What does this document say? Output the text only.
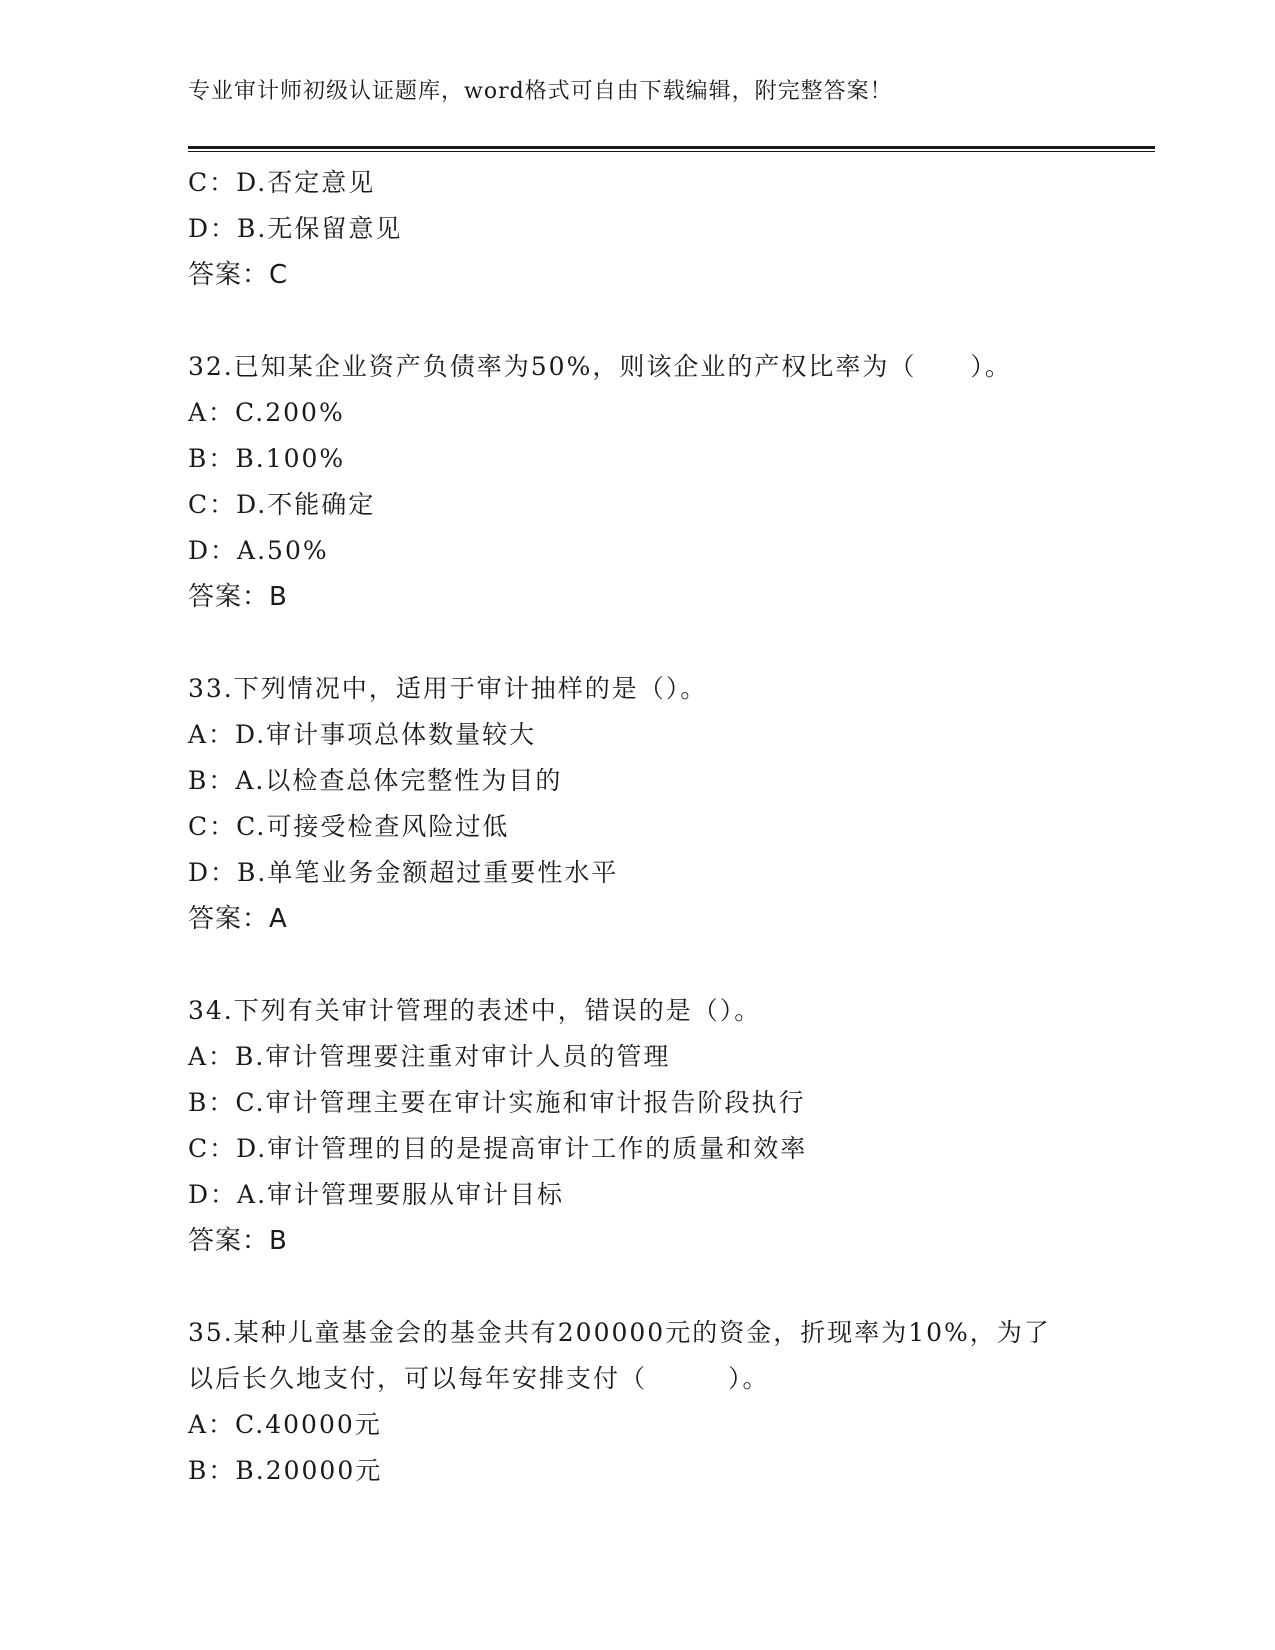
专业审计师初级认证题库，word格式可自由下载编辑，附完整答案！
C：D.否定意见
D：B.无保留意见
答案：C
32.已知某企业资产负债率为50%，则该企业的产权比率为（　　）。
A：C.200%
B：B.100%
C：D.不能确定
D：A.50%
答案：B
33.下列情况中，适用于审计抽样的是（）。
A：D.审计事项总体数量较大
B：A.以检查总体完整性为目的
C：C.可接受检查风险过低
D：B.单笔业务金额超过重要性水平
答案：A
34.下列有关审计管理的表述中，错误的是（）。
A：B.审计管理要注重对审计人员的管理
B：C.审计管理主要在审计实施和审计报告阶段执行
C：D.审计管理的目的是提高审计工作的质量和效率
D：A.审计管理要服从审计目标
答案：B
35.某种儿童基金会的基金共有200000元的资金，折现率为10%，为了
以后长久地支付，可以每年安排支付（　　　）。
A：C.40000元
B：B.20000元
